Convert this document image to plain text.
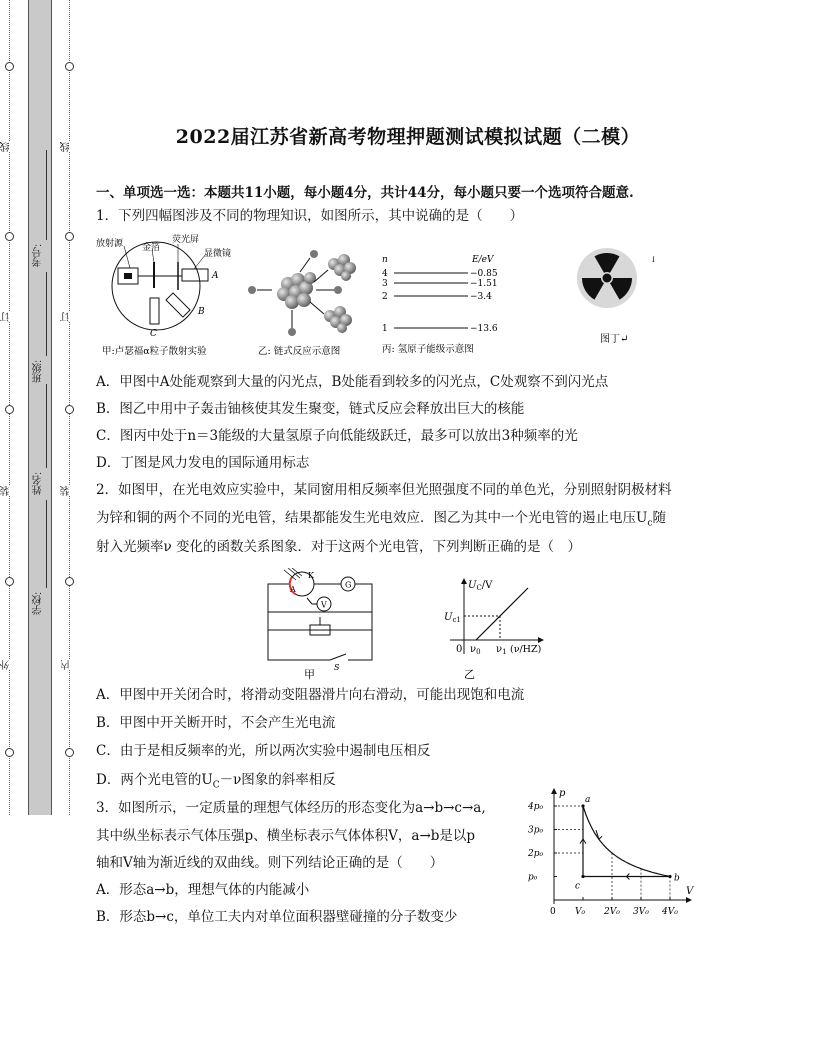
线
订
装
外
线
订
装
内
考号:
班级:
姓名:
学校:
2022届江苏省新高考物理押题测试模拟试题（二模）
一、单项选一选：本题共11小题，每小题4分，共计44分，每小题只要一个选项符合题意.
1．下列四幅图涉及不同的物理知识，如图所示，其中说确的是（　　）
放射源 金箔
荧光屏
显微镜
A
B
C
甲:卢瑟福α粒子散射实验	乙: 链式反应示意图
n	E/eV
4	−0.85
3	−1.51
2	−3.4
1	−13.6
丙: 氢原子能级示意图
↓
图丁↵
A．甲图中A处能观察到大量的闪光点，B处能看到较多的闪光点，C处观察不到闪光点
B．图乙中用中子轰击铀核使其发生聚变，链式反应会释放出巨大的核能
C．图丙中处于n＝3能级的大量氢原子向低能级跃迁，最多可以放出3种频率的光
D．丁图是风力发电的国际通用标志
2．如图甲，在光电效应实验中，某同窗用相反频率但光照强度不同的单色光，分别照射阴极材料
为锌和铜的两个不同的光电管，结果都能发生光电效应．图乙为其中一个光电管的遏止电压$U_c$随
射入光频率ν 变化的函数关系图象．对于这两个光电管，下列判断正确的是（　）
G
V
A
K
S
甲
$U_C/V$
$U_{c1}$
0 $\nu_0$ $\nu_1$ (ν/HZ)
乙
A．甲图中开关闭合时，将滑动变阻器滑片向右滑动，可能出现饱和电流
B．甲图中开关断开时，不会产生光电流
C．由于是相反频率的光，所以两次实验中遏制电压相反
D．两个光电管的$U_C-\nu$图象的斜率相反
3．如图所示，一定质量的理想气体经历的形态变化为a→b→c→a,
其中纵坐标表示气体压强p、横坐标表示气体体积V，a→b是以p
轴和V轴为渐近线的双曲线。则下列结论正确的是（　　）
A．形态a→b，理想气体的内能减小
B．形态b→c，单位工夫内对单位面积器壁碰撞的分子数变少
p
V
p₀
2p₀
3p₀
4p₀
0 V₀ 2V₀ 3V₀ 4V₀
a
b
c
